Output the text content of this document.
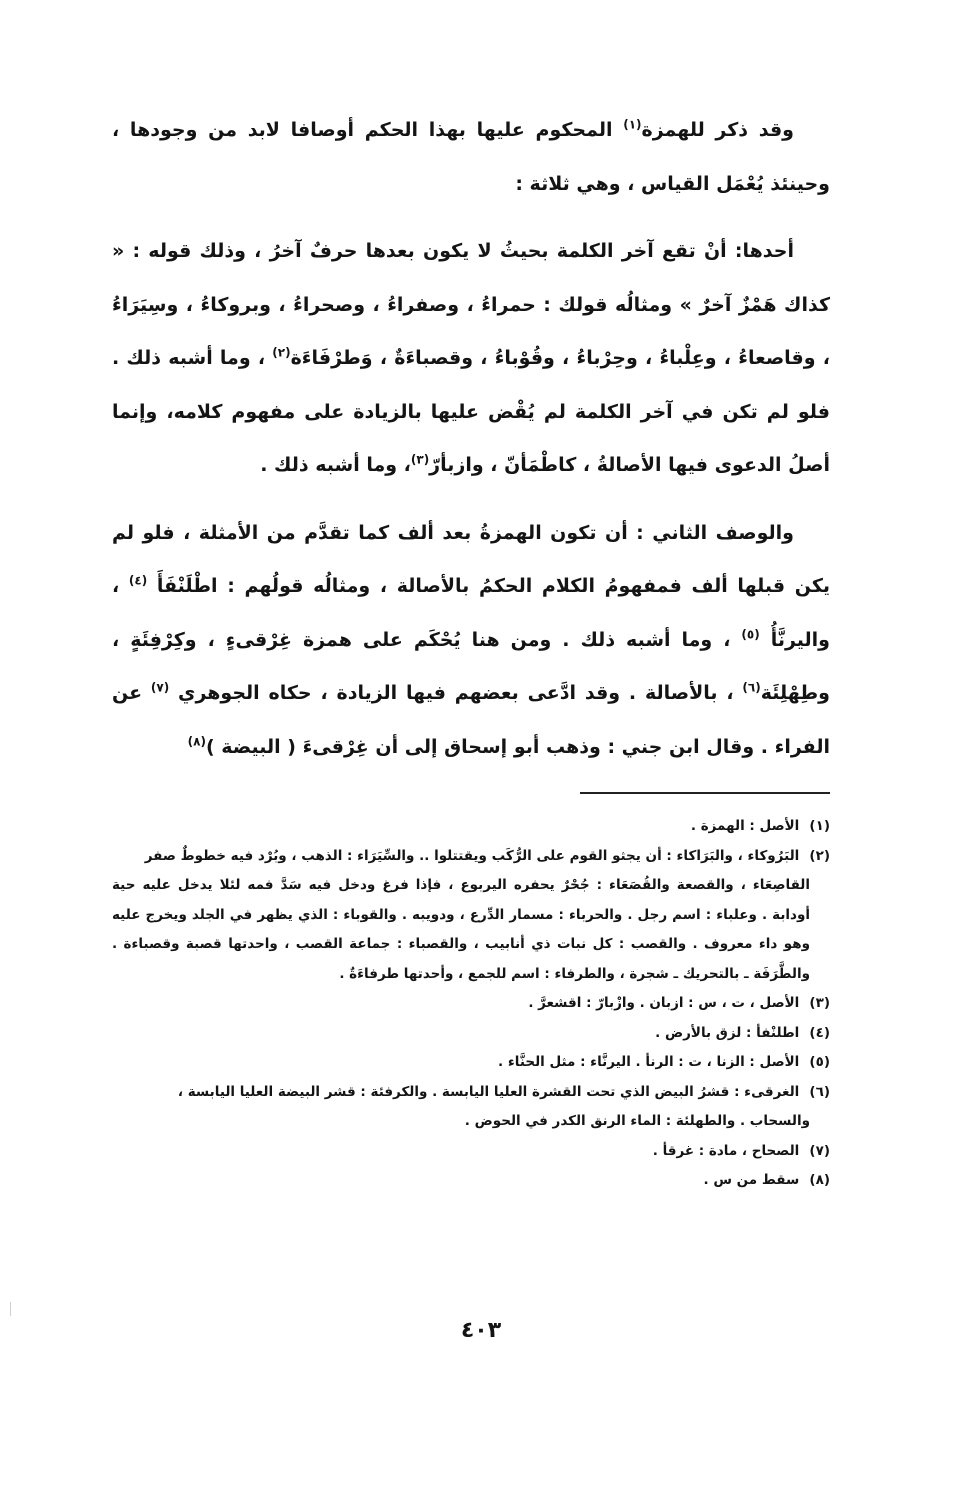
وقد ذكر للهمزة$^{(١)}$ المحكوم عليها بهذا الحكم أوصافا لابد من وجودها ، وحينئذ يُعْمَل القياس ، وهي ثلاثة :

أحدها: أنْ تقع آخر الكلمة بحيثُ لا يكون بعدها حرفٌ آخرُ ، وذلك قوله : « كذاك هَمْزٌ آخرٌ » ومثالُه قولك : حمراءُ ، وصفراءُ ، وصحراءُ ، وبروكاءُ ، وسِيَرَاءُ ، وقاصعاءُ ، وعِلْباءُ ، وحِرْباءُ ، وقُوْباءُ ، وقصباءَةٌ ، وَطرْفَاءَة$^{(٢)}$ ، وما أشبه ذلك . فلو لم تكن في آخر الكلمة لم يُقْض عليها بالزيادة على مفهوم كلامه، وإنما أصلُ الدعوى فيها الأصالةُ ، كاطْمَأنّ ، وازبأرّ$^{(٣)}$، وما أشبه ذلك .

والوصف الثاني : أن تكون الهمزةُ بعد ألف كما تقدَّم من الأمثلة ، فلو لم يكن قبلها ألف فمفهومُ الكلام الحكمُ بالأصالة ، ومثالُه قولُهم : اطْلَنْفَأَ $^{(٤)}$ ، واليرنَّأُ $^{(٥)}$ ، وما أشبه ذلك . ومن هنا يُحْكَم على همزة غِرْقىءٍ ، وكِرْفِئَةٍ ، وطِهْلِئَة$^{(٦)}$ ، بالأصالة . وقد ادَّعى بعضهم فيها الزيادة ، حكاه الجوهري $^{(٧)}$ عن الفراء . وقال ابن جني : وذهب أبو إسحاق إلى أن غِرْقىءَ ( البيضة )$^{(٨)}$

(١) الأصل : الهمزة .
(٢) البَرُوكاء ، والبَرَاكاء : أن يجثو القوم على الرُّكَب ويقتتلوا .. والسِّيَرَاء : الذهب ، وبُرْد فيه خطوطٌ صفر
القاصِعَاء ، والقصعة والقُصَعَاء : جُحْرٌ يحفره اليربوع ، فإذا فرغ ودخل فيه سَدَّ فمه لئلا يدخل عليه حية أودابة . وعلباء : اسم رجل . والحرباء : مسمار الدِّرع ، ودويبه . والقوباء : الذي يظهر في الجلد ويخرج عليه وهو داء معروف . والقصب : كل نبات ذي أنابيب ، والقصباء : جماعة القصب ، واحدتها قصبة وقصباءة . والطَّرَفَة ـ بالتحريك ـ شجرة ، والطرفاء : اسم للجمع ، وأحدتها طرفاءَةٌ .
(٣) الأصل ، ت ، س : ازبان . وازْبارّ : اقشعرَّ .
(٤) اطلنْفأ : لزق بالأرض .
(٥) الأصل : الزنا ، ت : الرنأ . اليرنَّاء : مثل الحنَّاء .
(٦) الغرقىء : قشرُ البيض الذي تحت القشرة العليا اليابسة . والكرفئة : قشر البيضة العليا اليابسة ،
والسحاب . والطهلئة : الماء الرنق الكدر في الحوض .
(٧) الصحاح ، مادة : غرقأ .
(٨) سقط من س .
٤٠٣
